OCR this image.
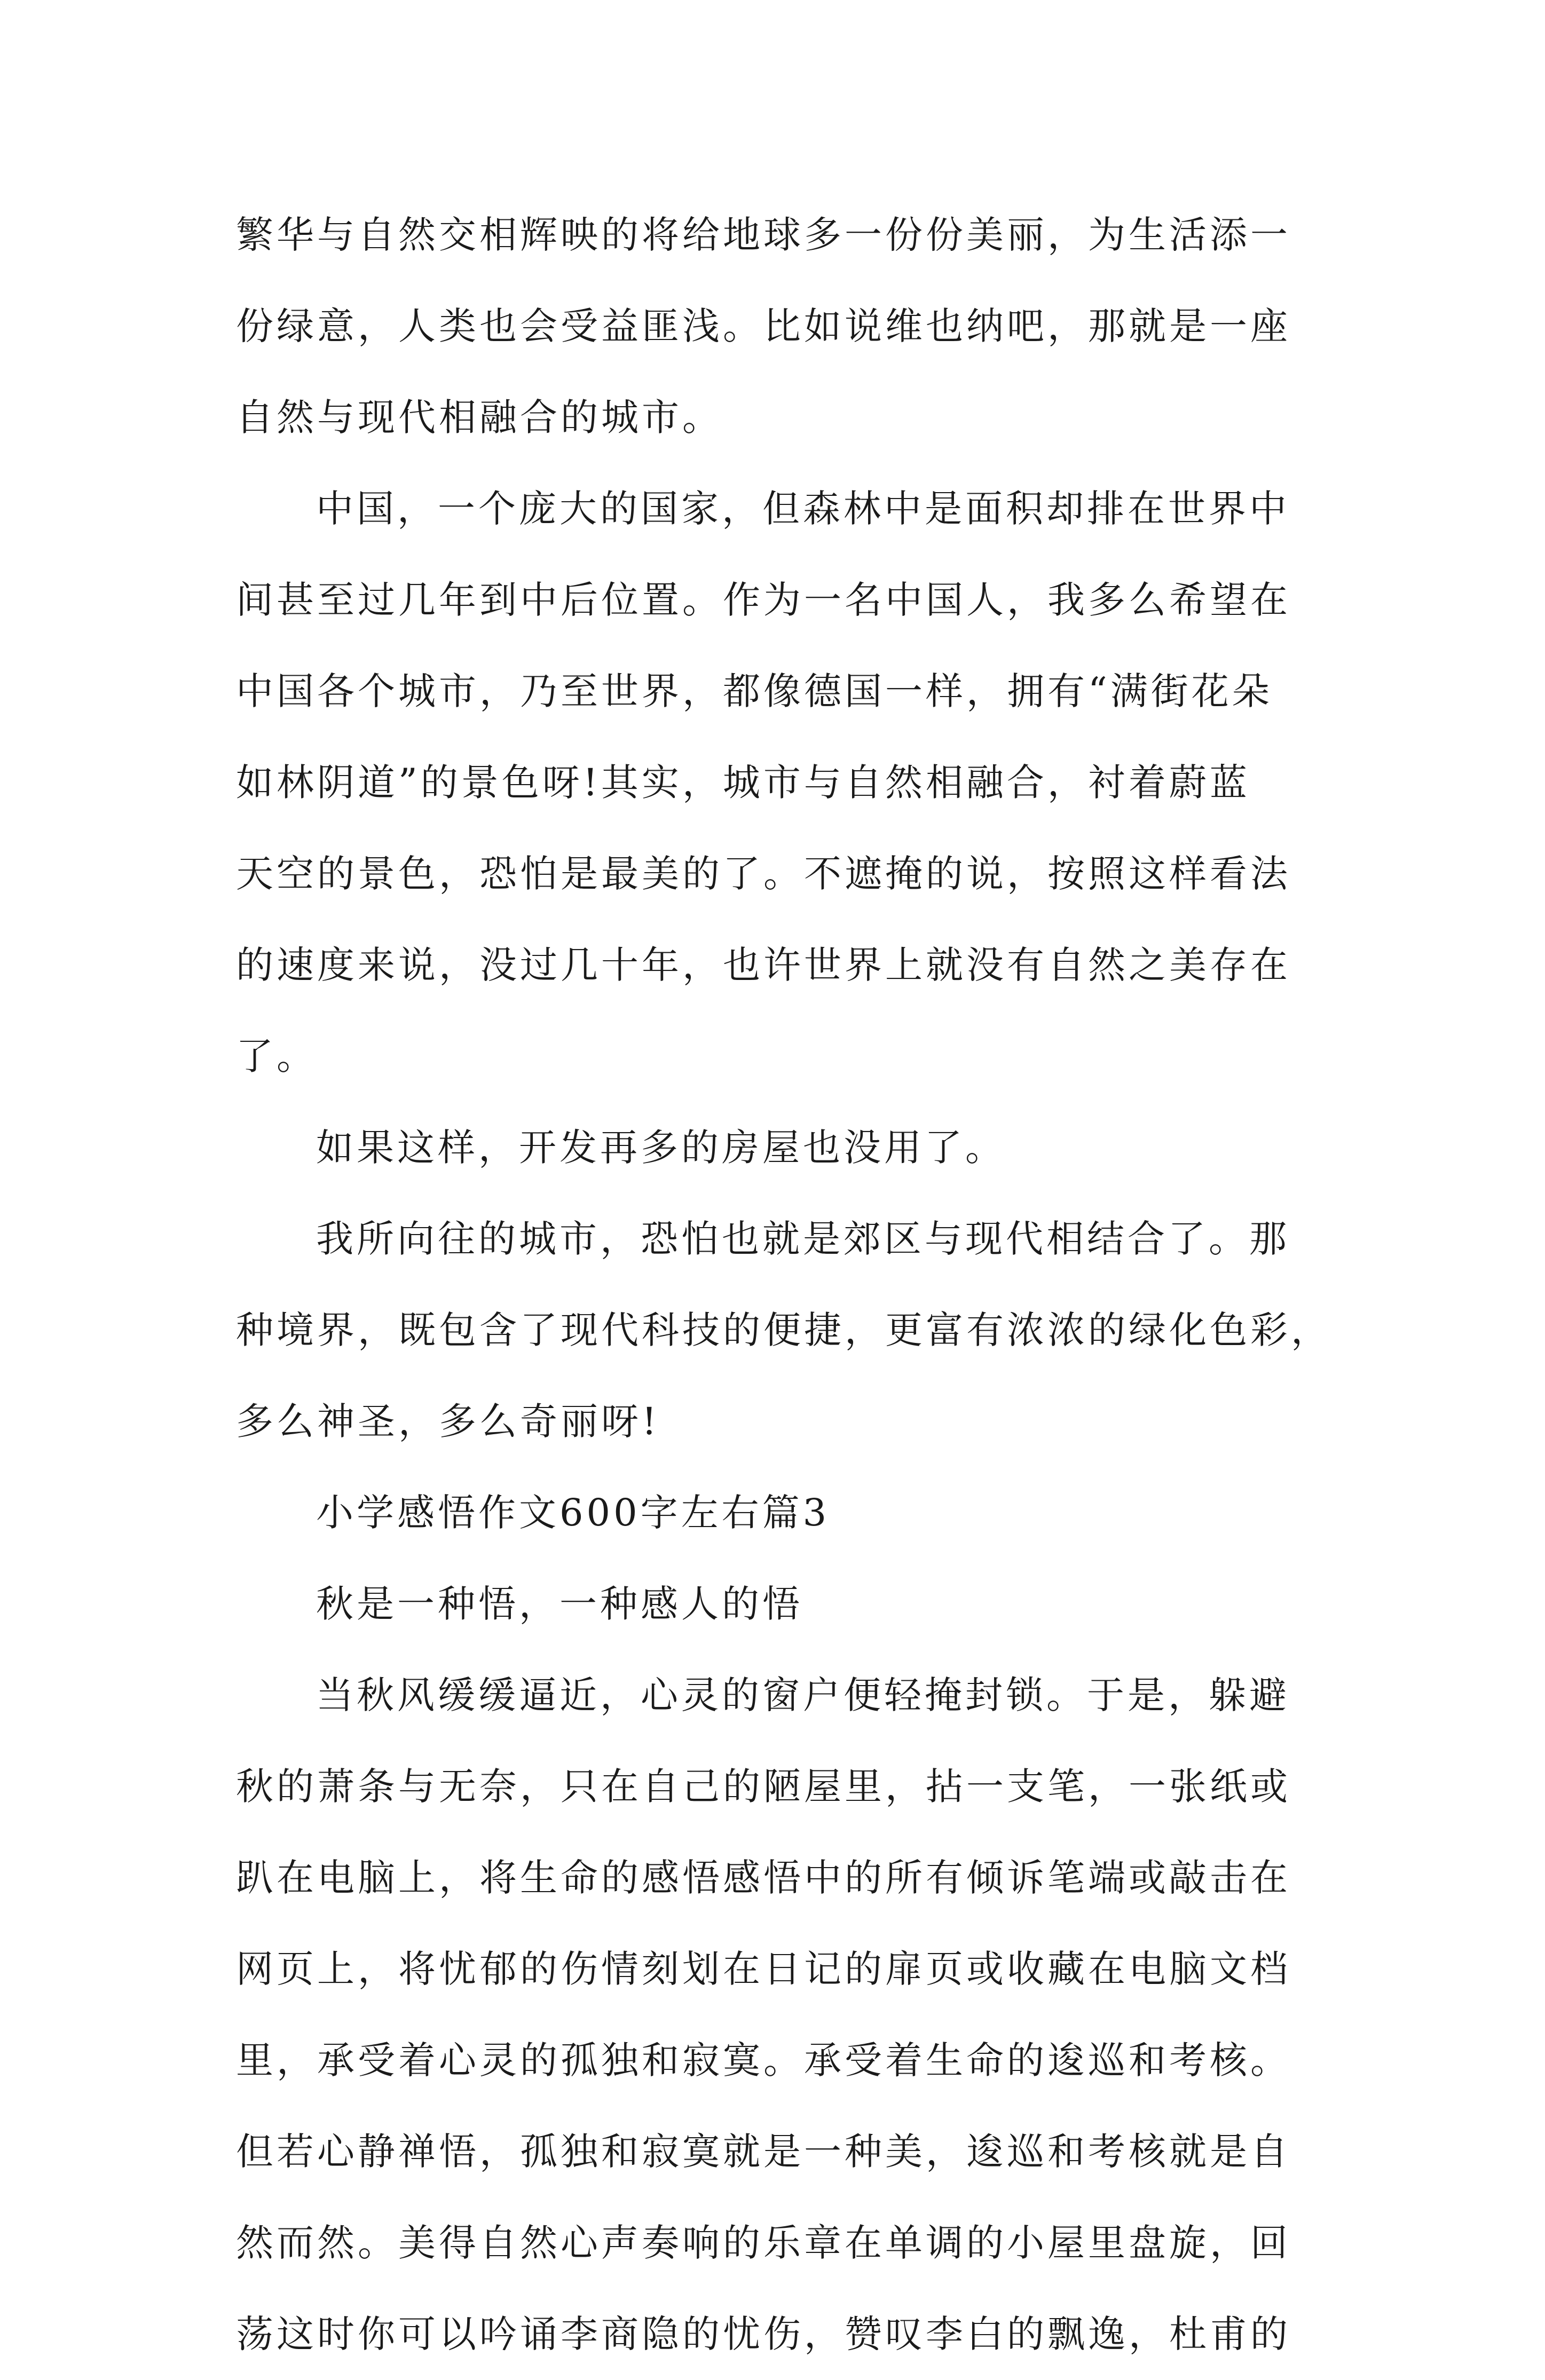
繁华与自然交相辉映的将给地球多一份份美丽，为生活添一
份绿意，人类也会受益匪浅。比如说维也纳吧，那就是一座
自然与现代相融合的城市。
中国，一个庞大的国家，但森林中是面积却排在世界中
间甚至过几年到中后位置。作为一名中国人，我多么希望在
中国各个城市，乃至世界，都像德国一样，拥有“满街花朵
如林阴道”的景色呀!其实，城市与自然相融合，衬着蔚蓝
天空的景色，恐怕是最美的了。不遮掩的说，按照这样看法
的速度来说，没过几十年，也许世界上就没有自然之美存在
了。
如果这样，开发再多的房屋也没用了。
我所向往的城市，恐怕也就是郊区与现代相结合了。那
种境界，既包含了现代科技的便捷，更富有浓浓的绿化色彩，
多么神圣，多么奇丽呀!
小学感悟作文600字左右篇3
秋是一种悟，一种感人的悟
当秋风缓缓逼近，心灵的窗户便轻掩封锁。于是，躲避
秋的萧条与无奈，只在自己的陋屋里，拈一支笔，一张纸或
趴在电脑上，将生命的感悟感悟中的所有倾诉笔端或敲击在
网页上，将忧郁的伤情刻划在日记的扉页或收藏在电脑文档
里，承受着心灵的孤独和寂寞。承受着生命的逡巡和考核。
但若心静禅悟，孤独和寂寞就是一种美，逡巡和考核就是自
然而然。美得自然心声奏响的乐章在单调的小屋里盘旋，回
荡这时你可以吟诵李商隐的忧伤，赞叹李白的飘逸，杜甫的
